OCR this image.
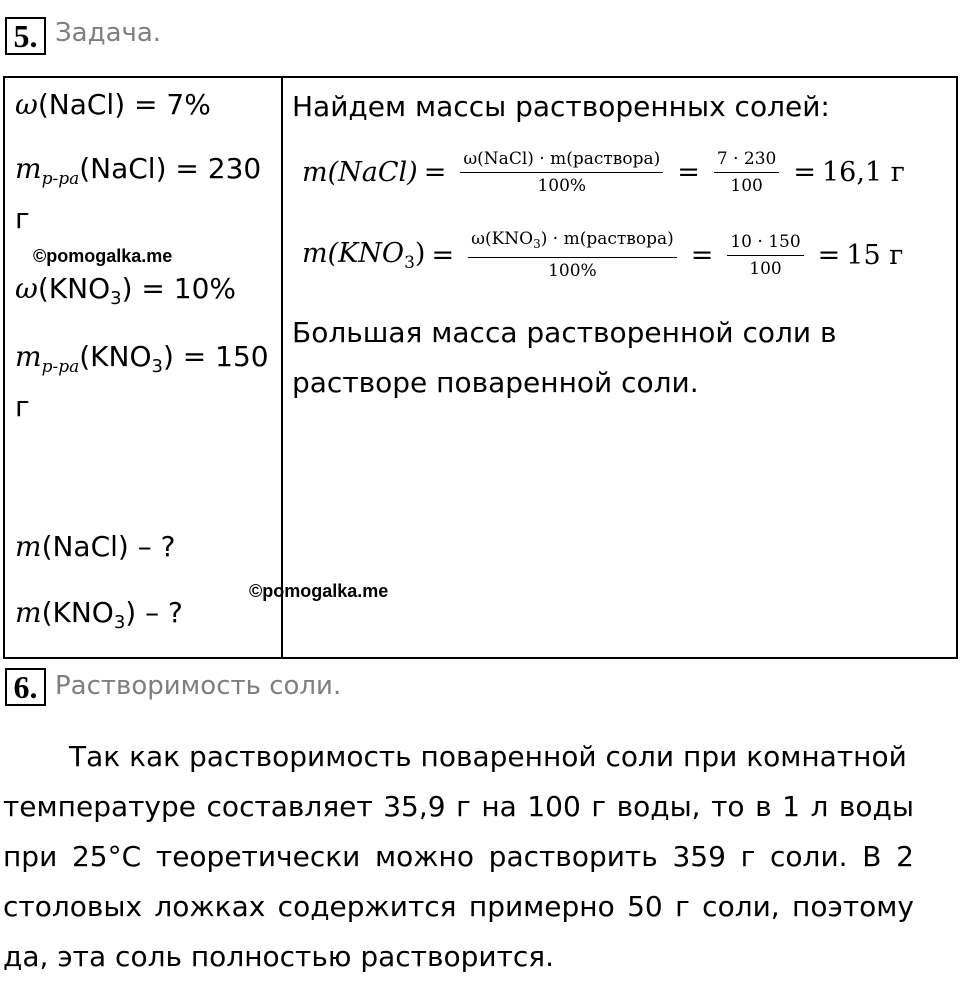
5. Задача.
ω(NaCl) = 7%
$m_{р-ра}(NaCl) = 230$
г
©pomogalka.me
$\omega(KNO_3) = 10\%$
$m_{р-ра}(KNO_3) = 150$
г
m(NaCl) – ?
$m(KNO_3)$ – ?
©pomogalka.me
Найдем массы растворенных солей:
m(NaCl) = $\frac{\text{ω(NaCl) · m(раствора)}}{100\%} = \frac{7 \cdot 230}{100} = 16,1$ г
$m(KNO_3) = \frac{\omega(KNO_3) \cdot m(раствора)}{100\%} = \frac{10 \cdot 150}{100} = 15$ г
Большая масса растворенной соли в
растворе поваренной соли.
6. Растворимость соли.
Так как растворимость поваренной соли при комнатной
температуре составляет 35,9 г на 100 г воды, то в 1 л воды при 25°C теоретически можно растворить 359 г соли. В 2 столовых ложках содержится примерно 50 г соли, поэтому да, эта соль полностью растворится.
